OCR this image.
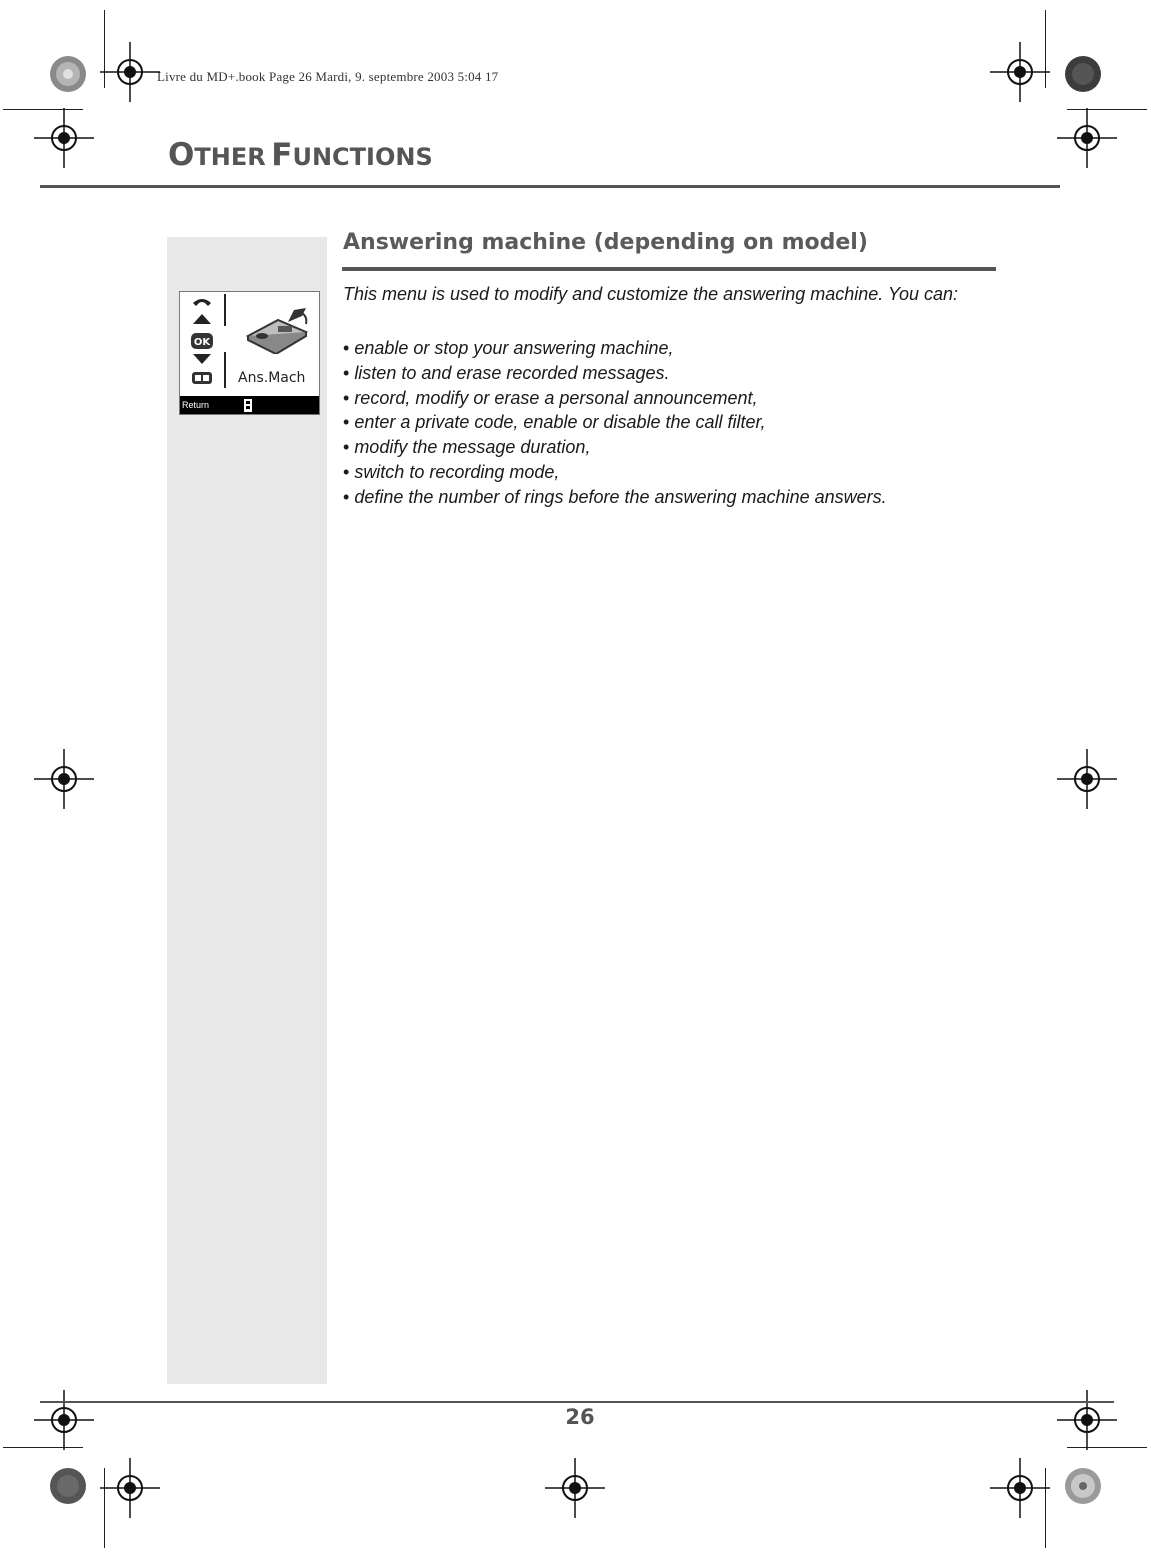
Livre du MD+.book Page 26 Mardi, 9. septembre 2003 5:04 17
OTHER FUNCTIONS
OK
Ans.Mach
Return
Answering machine (depending on model)
This menu is used to modify and customize the answering machine. You can:
• enable or stop your answering machine,
• listen to and erase recorded messages.
• record, modify or erase a personal announcement,
• enter a private code, enable or disable the call filter,
• modify the message duration,
• switch to recording mode,
• define the number of rings before the answering machine answers.
26
